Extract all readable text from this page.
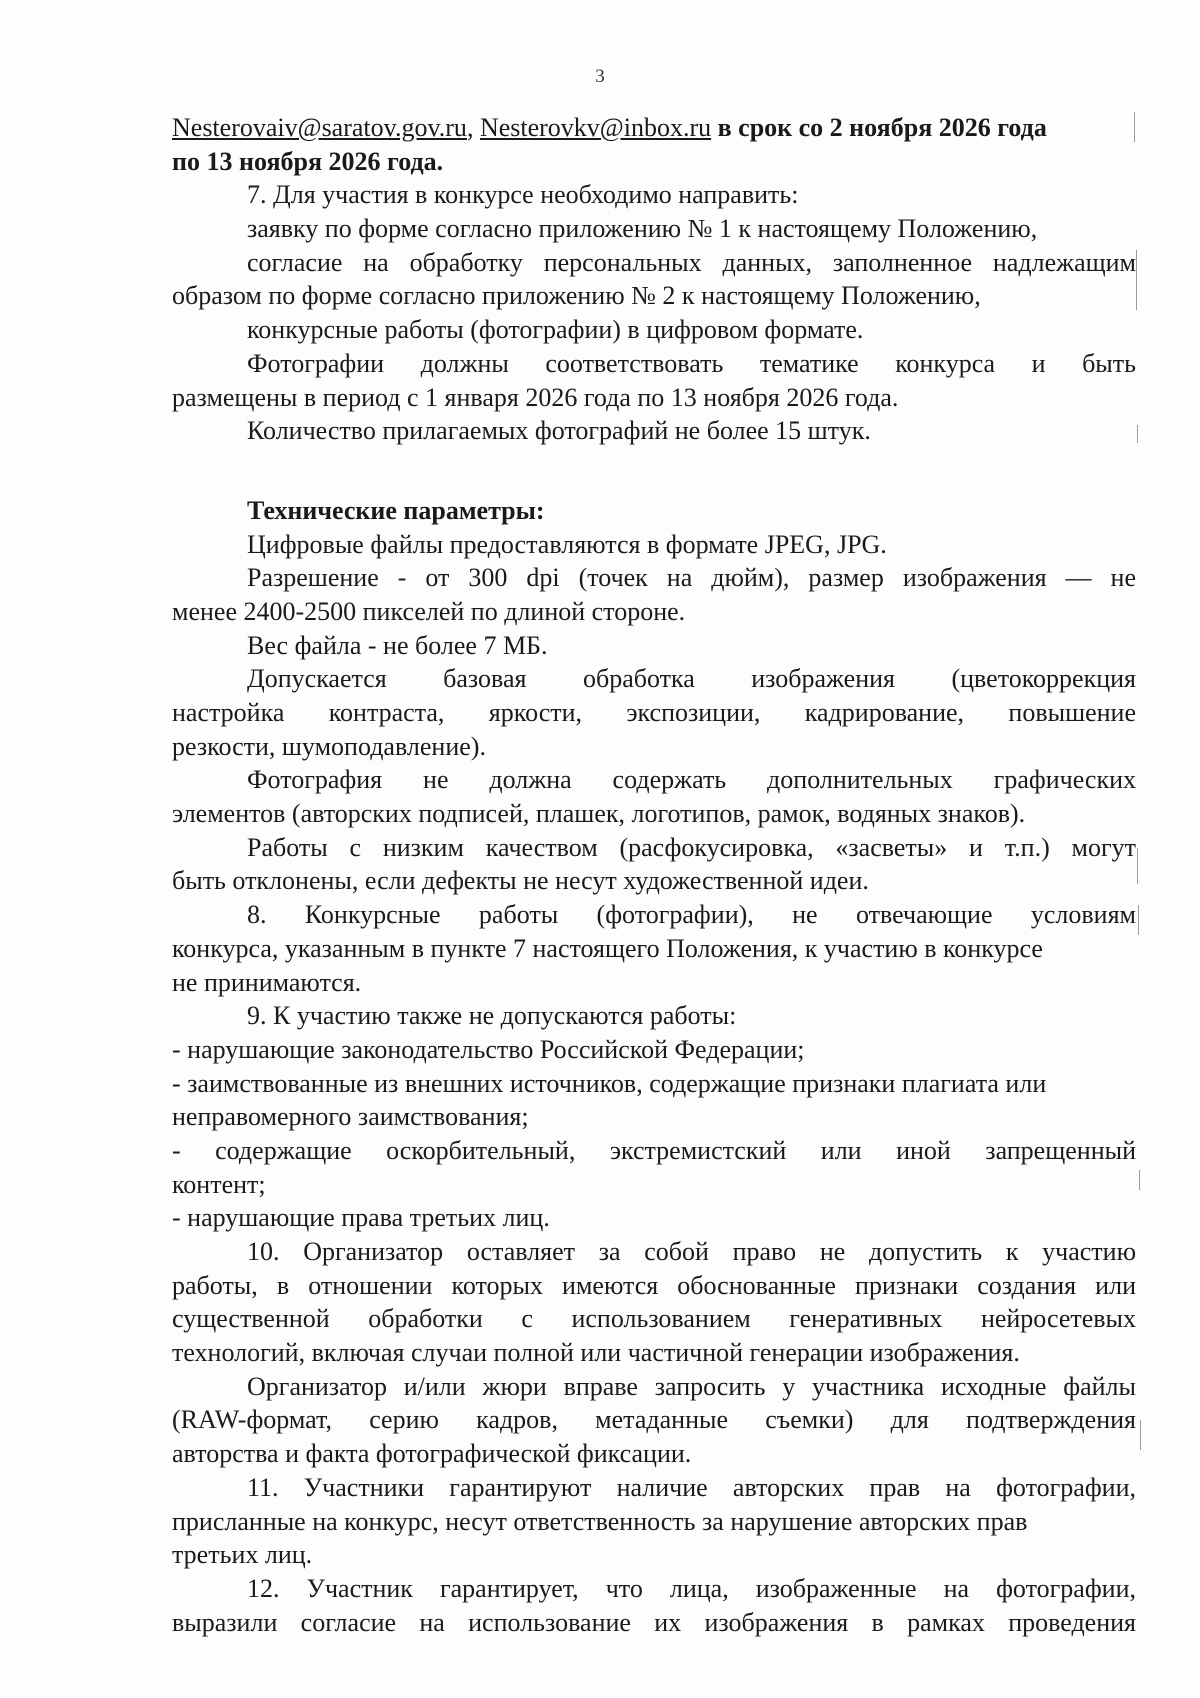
3
Nesterovaiv@saratov.gov.ru, Nesterovkv@inbox.ru в срок со 2 ноября 2026 года
по 13 ноября 2026 года.
7. Для участия в конкурсе необходимо направить:
заявку по форме согласно приложению № 1 к настоящему Положению,
согласие на обработку персональных данных, заполненное надлежащим
образом по форме согласно приложению № 2 к настоящему Положению,
конкурсные работы (фотографии) в цифровом формате.
Фотографии должны соответствовать тематике конкурса и быть
размещены в период с 1 января 2026 года по 13 ноября 2026 года.
Количество прилагаемых фотографий не более 15 штук.
Технические параметры:
Цифровые файлы предоставляются в формате JPEG, JPG.
Разрешение - от 300 dpi (точек на дюйм), размер изображения — не
менее 2400-2500 пикселей по длиной стороне.
Вес файла - не более 7 МБ.
Допускается базовая обработка изображения (цветокоррекция
настройка контраста, яркости, экспозиции, кадрирование, повышение
резкости, шумоподавление).
Фотография не должна содержать дополнительных графических
элементов (авторских подписей, плашек, логотипов, рамок, водяных знаков).
Работы с низким качеством (расфокусировка, «засветы» и т.п.) могут
быть отклонены, если дефекты не несут художественной идеи.
8. Конкурсные работы (фотографии), не отвечающие условиям
конкурса, указанным в пункте 7 настоящего Положения, к участию в конкурсе
не принимаются.
9. К участию также не допускаются работы:
- нарушающие законодательство Российской Федерации;
- заимствованные из внешних источников, содержащие признаки плагиата или
неправомерного заимствования;
- содержащие оскорбительный, экстремистский или иной запрещенный
контент;
- нарушающие права третьих лиц.
10. Организатор оставляет за собой право не допустить к участию
работы, в отношении которых имеются обоснованные признаки создания или
существенной обработки с использованием генеративных нейросетевых
технологий, включая случаи полной или частичной генерации изображения.
Организатор и/или жюри вправе запросить у участника исходные файлы
(RAW-формат, серию кадров, метаданные съемки) для подтверждения
авторства и факта фотографической фиксации.
11. Участники гарантируют наличие авторских прав на фотографии,
присланные на конкурс, несут ответственность за нарушение авторских прав
третьих лиц.
12. Участник гарантирует, что лица, изображенные на фотографии,
выразили согласие на использование их изображения в рамках проведения
